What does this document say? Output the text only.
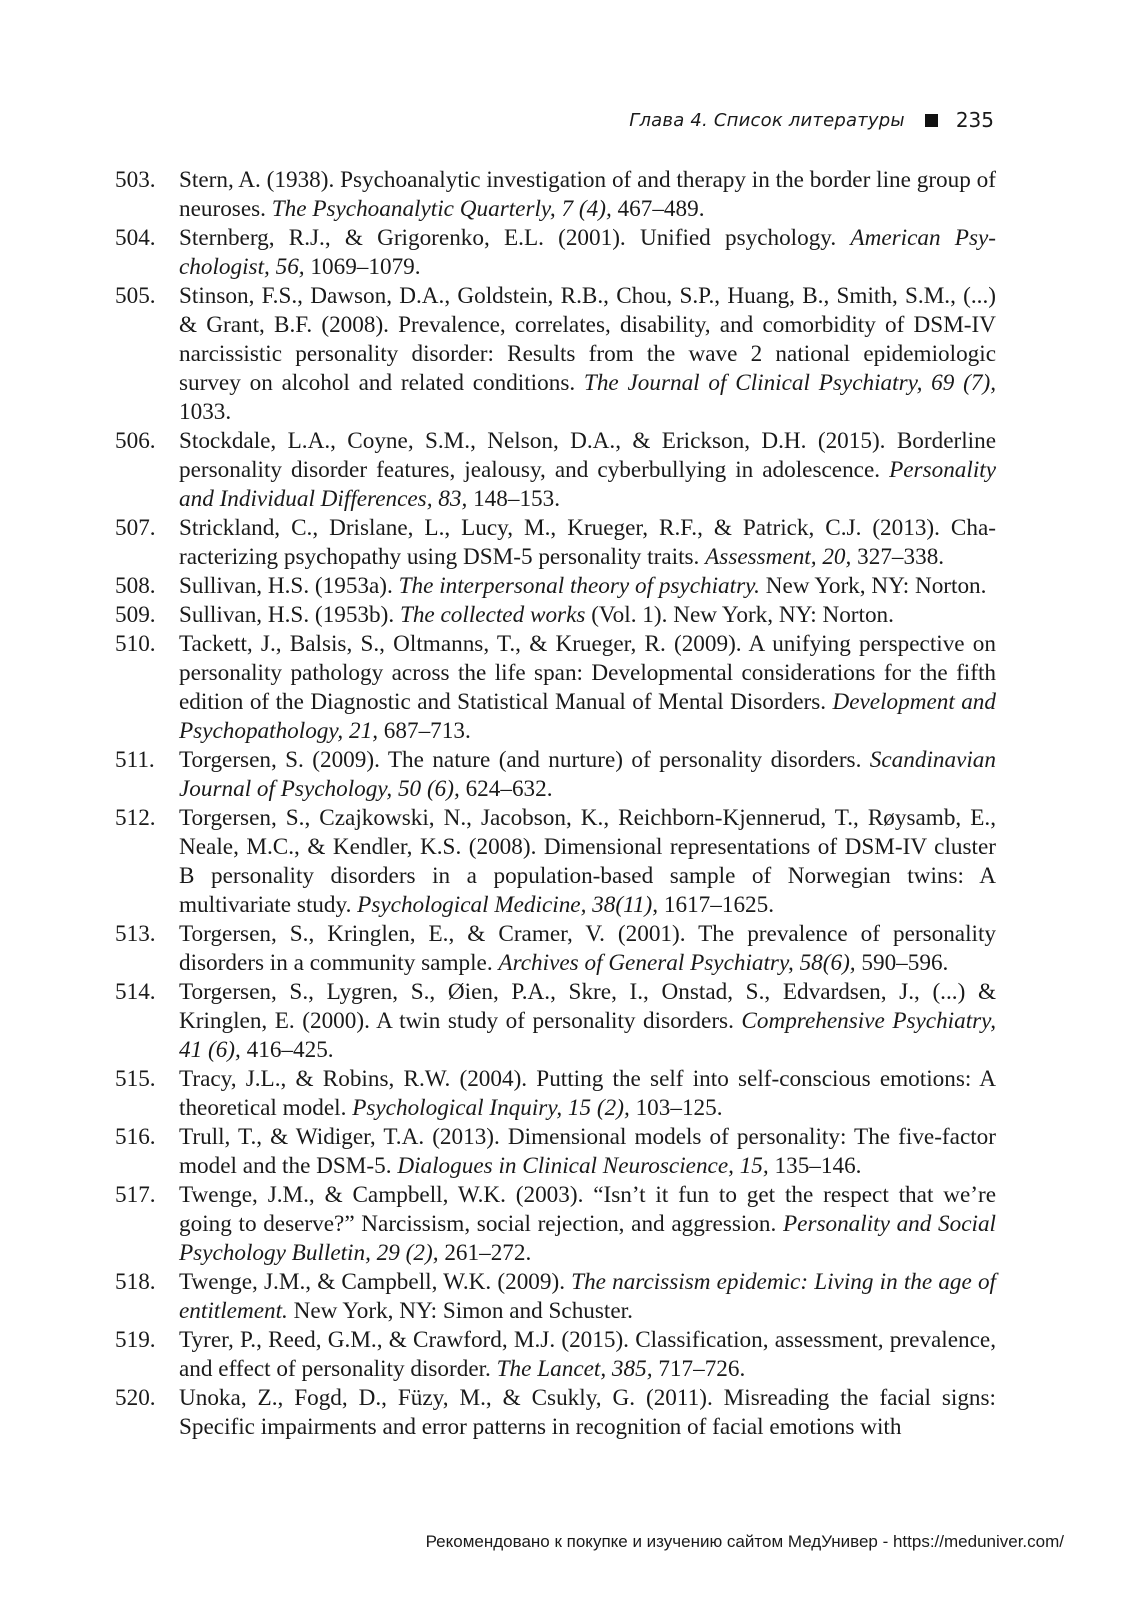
Глава 4. Список литературы	235
503.	Stern, A. (1938). Psychoanalytic investigation of and therapy in the border line group of neuroses. The Psychoanalytic Quarterly, 7 (4), 467–489.
504.	Sternberg, R.J., & Grigorenko, E.L. (2001). Unified psychology. American Psychologist, 56, 1069–1079.
505.	Stinson, F.S., Dawson, D.A., Goldstein, R.B., Chou, S.P., Huang, B., Smith, S.M., (...) & Grant, B.F. (2008). Prevalence, correlates, disability, and comorbidity of DSM-IV narcissistic personality disorder: Results from the wave 2 national epidemiologic survey on alcohol and related conditions. The Journal of Clinical Psychiatry, 69 (7), 1033.
506.	Stockdale, L.A., Coyne, S.M., Nelson, D.A., & Erickson, D.H. (2015). Borderline personality disorder features, jealousy, and cyberbullying in adolescence. Personality and Individual Differences, 83, 148–153.
507.	Strickland, C., Drislane, L., Lucy, M., Krueger, R.F., & Patrick, C.J. (2013). Characterizing psychopathy using DSM-5 personality traits. Assessment, 20, 327–338.
508.	Sullivan, H.S. (1953a). The interpersonal theory of psychiatry. New York, NY: Norton.
509.	Sullivan, H.S. (1953b). The collected works (Vol. 1). New York, NY: Norton.
510.	Tackett, J., Balsis, S., Oltmanns, T., & Krueger, R. (2009). A unifying perspective on personality pathology across the life span: Developmental considerations for the fifth edition of the Diagnostic and Statistical Manual of Mental Disorders. Development and Psychopathology, 21, 687–713.
511.	Torgersen, S. (2009). The nature (and nurture) of personality disorders. Scandinavian Journal of Psychology, 50 (6), 624–632.
512.	Torgersen, S., Czajkowski, N., Jacobson, K., Reichborn-Kjennerud, T., Røysamb, E., Neale, M.C., & Kendler, K.S. (2008). Dimensional representations of DSM-IV cluster B personality disorders in a population-based sample of Norwegian twins: A multivariate study. Psychological Medicine, 38(11), 1617–1625.
513.	Torgersen, S., Kringlen, E., & Cramer, V. (2001). The prevalence of personality disorders in a community sample. Archives of General Psychiatry, 58(6), 590–596.
514.	Torgersen, S., Lygren, S., Øien, P.A., Skre, I., Onstad, S., Edvardsen, J., (...) & Kringlen, E. (2000). A twin study of personality disorders. Comprehensive Psychiatry, 41 (6), 416–425.
515.	Tracy, J.L., & Robins, R.W. (2004). Putting the self into self-conscious emotions: A theoretical model. Psychological Inquiry, 15 (2), 103–125.
516.	Trull, T., & Widiger, T.A. (2013). Dimensional models of personality: The five-factor model and the DSM-5. Dialogues in Clinical Neuroscience, 15, 135–146.
517.	Twenge, J.M., & Campbell, W.K. (2003). “Isn’t it fun to get the respect that we’re going to deserve?” Narcissism, social rejection, and aggression. Personality and Social Psychology Bulletin, 29 (2), 261–272.
518.	Twenge, J.M., & Campbell, W.K. (2009). The narcissism epidemic: Living in the age of entitlement. New York, NY: Simon and Schuster.
519.	Tyrer, P., Reed, G.M., & Crawford, M.J. (2015). Classification, assessment, prevalence, and effect of personality disorder. The Lancet, 385, 717–726.
520.	Unoka, Z., Fogd, D., Füzy, M., & Csukly, G. (2011). Misreading the facial signs: Specific impairments and error patterns in recognition of facial emotions with
Рекомендовано к покупке и изучению сайтом МедУнивер - https://meduniver.com/
